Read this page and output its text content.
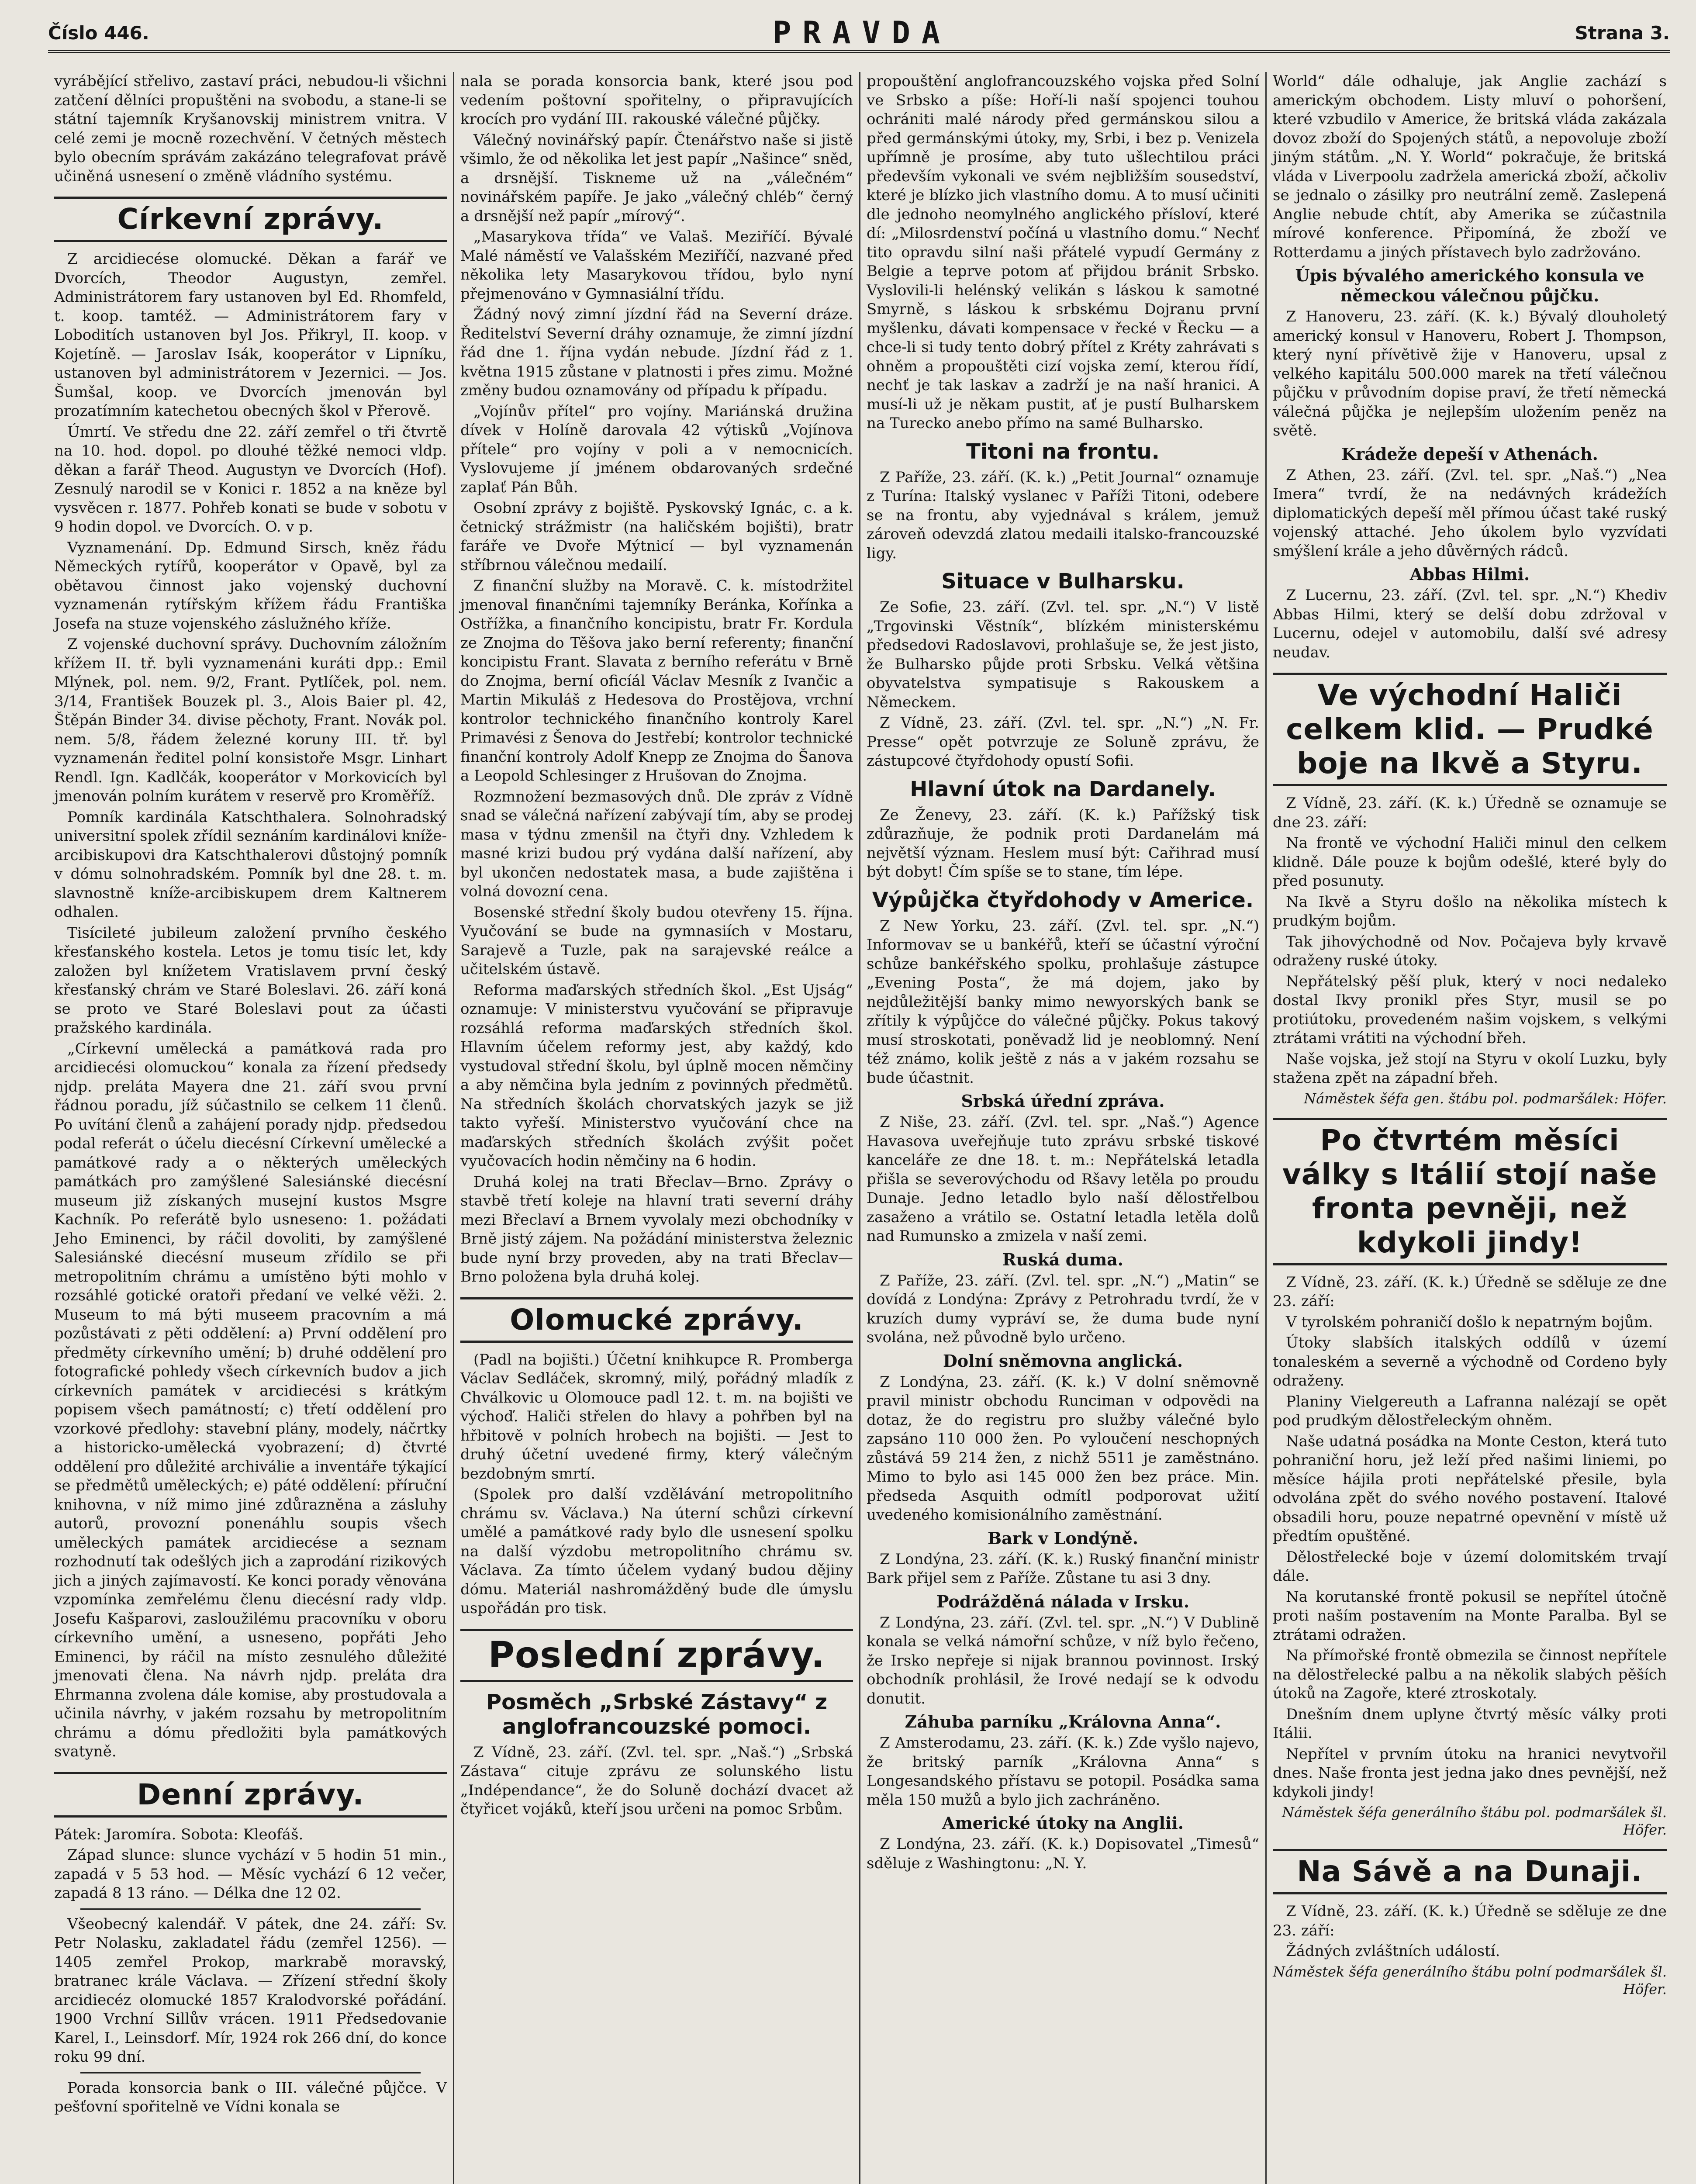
Číslo 446.	PRAVDA	Strana 3.

vyrábějící střelivo, zastaví práci, nebudou-li všichni zatčení dělníci propuštěni na svobodu, a stane-li se státní tajemník Kryšanovskij ministrem vnitra. V celé zemi je mocně rozechvění. V četných městech bylo obecním správám zakázáno telegrafovat právě učiněná usnesení o změně vládního systému.

Církevní zprávy.

Z arcidiecése olomucké. Děkan a farář ve Dvorcích, Theodor Augustyn, zemřel. Administrátorem fary ustanoven byl Ed. Rhomfeld, t. koop. tamtéž. — Administrátorem fary v Loboditích ustanoven byl Jos. Přikryl, II. koop. v Kojetíně. — Jaroslav Isák, kooperátor v Lipníku, ustanoven byl administrátorem v Jezernici. — Jos. Šumšal, koop. ve Dvorcích jmenován byl prozatímním katechetou obecných škol v Přerově.

Úmrtí. Ve středu dne 22. září zemřel o tři čtvrtě na 10. hod. dopol. po dlouhé těžké nemoci vldp. děkan a farář Theod. Augustyn ve Dvorcích (Hof). Zesnulý narodil se v Konici r. 1852 a na kněze byl vysvěcen r. 1877. Pohřeb konati se bude v sobotu v 9 hodin dopol. ve Dvorcích. O. v p.

Vyznamenání. Dp. Edmund Sirsch, kněz řádu Německých rytířů, kooperátor v Opavě, byl za obětavou činnost jako vojenský duchovní vyznamenán rytířským křížem řádu Františka Josefa na stuze vojenského záslužného kříže.

Z vojenské duchovní správy. Duchovním záložním křížem II. tř. byli vyznamenáni kuráti dpp.: Emil Mlýnek, pol. nem. 9/2, Frant. Pytlíček, pol. nem. 3/14, František Bouzek pl. 3., Alois Baier pl. 42, Štěpán Binder 34. divise pěchoty, Frant. Novák pol. nem. 5/8, řádem železné koruny III. tř. byl vyznamenán ředitel polní konsistoře Msgr. Linhart Rendl. Ign. Kadlčák, kooperátor v Morkovicích byl jmenován polním kurátem v reservě pro Kroměříž.

Pomník kardinála Katschthalera. Solnohradský universitní spolek zřídil seznáním kardinálovi kníže-arcibiskupovi dra Katschthalerovi důstojný pomník v dómu solnohradském. Pomník byl dne 28. t. m. slavnostně kníže-arcibiskupem drem Kaltnerem odhalen.

Tisícileté jubileum založení prvního českého křesťanského kostela. Letos je tomu tisíc let, kdy založen byl knížetem Vratislavem první český křesťanský chrám ve Staré Boleslavi. 26. září koná se proto ve Staré Boleslavi pout za účasti pražského kardinála.

„Církevní umělecká a památková rada pro arcidiecési olomuckou“ konala za řízení předsedy njdp. preláta Mayera dne 21. září svou první řádnou poradu, jíž súčastnilo se celkem 11 členů. Po uvítání členů a zahájení porady njdp. předsedou podal referát o účelu diecésní Církevní umělecké a památkové rady a o některých uměleckých památkách pro zamýšlené Salesiánské diecésní museum již získaných musejní kustos Msgre Kachník. Po referátě bylo usneseno: 1. požádati Jeho Eminenci, by ráčil dovoliti, by zamýšlené Salesiánské diecésní museum zřídilo se při metropolitním chrámu a umístěno býti mohlo v rozsáhlé gotické oratoři předaní ve velké věži. 2. Museum to má býti museem pracovním a má pozůstávati z pěti oddělení: a) První oddělení pro předměty církevního umění; b) druhé oddělení pro fotografické pohledy všech církevních budov a jich církevních památek v arcidiecési s krátkým popisem všech památností; c) třetí oddělení pro vzorkové předlohy: stavební plány, modely, náčrtky a historicko-umělecká vyobrazení; d) čtvrté oddělení pro důležité archiválie a inventáře týkající se předmětů uměleckých; e) páté oddělení: příruční knihovna, v níž mimo jiné zdůrazněna a zásluhy autorů, provozní ponenáhlu soupis všech uměleckých památek arcidiecése a seznam rozhodnutí tak odešlých jich a zaprodání rizikových jich a jiných zajímavostí. Ke konci porady věnována vzpomínka zemřelému členu diecésní rady vldp. Josefu Kašparovi, zasloužilému pracovníku v oboru církevního umění, a usneseno, popřáti Jeho Eminenci, by ráčil na místo zesnulého důležité jmenovati člena. Na návrh njdp. preláta dra Ehrmanna zvolena dále komise, aby prostudovala a učinila návrhy, v jakém rozsahu by metropolitním chrámu a dómu předložiti byla památkových svatyně.

Denní zprávy.

Pátek: Jaromíra. Sobota: Kleofáš.

Západ slunce: slunce vychází v 5 hodin 51 min., zapadá v 5 53 hod. — Měsíc vychází 6 12 večer, zapadá 8 13 ráno. — Délka dne 12 02.

Všeobecný kalendář. V pátek, dne 24. září: Sv. Petr Nolasku, zakladatel řádu (zemřel 1256). — 1405 zemřel Prokop, markrabě moravský, bratranec krále Václava. — Zřízení střední školy arcidiecéz olomucké 1857 Kralodvorské pořádání. 1900 Vrchní Sillův vrácen. 1911 Předsedovanie Karel, I., Leinsdorf. Mír, 1924 rok 266 dní, do konce roku 99 dní.

Porada konsorcia bank o III. válečné půjčce. V pešťovní spořitelně ve Vídni konala se

nala se porada konsorcia bank, které jsou pod vedením poštovní spořitelny, o připravujících krocích pro vydání III. rakouské válečné půjčky.

Válečný novinářský papír. Čtenářstvo naše si jistě všimlo, že od několika let jest papír „Našince“ sněd, a drsnější. Tiskneme už na „válečném“ novinářském papíře. Je jako „válečný chléb“ černý a drsnější než papír „mírový“.

„Masarykova třída“ ve Valaš. Meziříčí. Bývalé Malé náměstí ve Valašském Meziříčí, nazvané před několika lety Masarykovou třídou, bylo nyní přejmenováno v Gymnasiální třídu.

Žádný nový zimní jízdní řád na Severní dráze. Ředitelství Severní dráhy oznamuje, že zimní jízdní řád dne 1. října vydán nebude. Jízdní řád z 1. května 1915 zůstane v platnosti i přes zimu. Možné změny budou oznamovány od případu k případu.

„Vojínův přítel“ pro vojíny. Mariánská družina dívek v Holíně darovala 42 výtisků „Vojínova přítele“ pro vojíny v poli a v nemocnicích. Vyslovujeme jí jménem obdarovaných srdečné zaplať Pán Bůh.

Osobní zprávy z bojiště. Pyskovský Ignác, c. a k. četnický strážmistr (na haličském bojišti), bratr faráře ve Dvoře Mýtnicí — byl vyznamenán stříbrnou válečnou medailí.

Z finanční služby na Moravě. C. k. místodržitel jmenoval finančními tajemníky Beránka, Kořínka a Ostřížka, a finančního koncipistu, bratr Fr. Kordula ze Znojma do Těšova jako berní referenty; finanční koncipistu Frant. Slavata z berního referátu v Brně do Znojma, berní oficíál Václav Mesník z Ivančic a Martin Mikuláš z Hedesova do Prostějova, vrchní kontrolor technického finančního kontroly Karel Primavési z Šenova do Jestřebí; kontrolor technické finanční kontroly Adolf Knepp ze Znojma do Šanova a Leopold Schlesinger z Hrušovan do Znojma.

Rozmnožení bezmasových dnů. Dle zpráv z Vídně snad se válečná nařízení zabývají tím, aby se prodej masa v týdnu zmenšil na čtyři dny. Vzhledem k masné krizi budou prý vydána další nařízení, aby byl ukončen nedostatek masa, a bude zajištěna i volná dovozní cena.

Bosenské střední školy budou otevřeny 15. října. Vyučování se bude na gymnasiích v Mostaru, Sarajevě a Tuzle, pak na sarajevské reálce a učitelském ústavě.

Reforma maďarských středních škol. „Est Ujság“ oznamuje: V ministerstvu vyučování se připravuje rozsáhlá reforma maďarských středních škol. Hlavním účelem reformy jest, aby každý, kdo vystudoval střední školu, byl úplně mocen němčiny a aby němčina byla jedním z povinných předmětů. Na středních školách chorvatských jazyk se již takto vyřeší. Ministerstvo vyučování chce na maďarských středních školách zvýšit počet vyučovacích hodin němčiny na 6 hodin.

Druhá kolej na trati Břeclav—Brno. Zprávy o stavbě třetí koleje na hlavní trati severní dráhy mezi Břeclaví a Brnem vyvolaly mezi obchodníky v Brně jistý zájem. Na požádání ministerstva železnic bude nyní brzy proveden, aby na trati Břeclav—Brno položena byla druhá kolej.

Olomucké zprávy.

(Padl na bojišti.) Účetní knihkupce R. Promberga Václav Sedláček, skromný, milý, pořádný mladík z Chválkovic u Olomouce padl 12. t. m. na bojišti ve výchoď. Haliči střelen do hlavy a pohřben byl na hřbitově v polních hrobech na bojišti. — Jest to druhý účetní uvedené firmy, který válečným bezdobným smrtí.

(Spolek pro další vzdělávání metropolitního chrámu sv. Václava.) Na úterní schůzi církevní umělé a památkové rady bylo dle usnesení spolku na další výzdobu metropolitního chrámu sv. Václava. Za tímto účelem vydaný budou dějiny dómu. Materiál nashromážděný bude dle úmyslu uspořádán pro tisk.

Poslední zprávy.
Posměch „Srbské Zástavy“ z anglofrancouzské pomoci.

Z Vídně, 23. září. (Zvl. tel. spr. „Naš.“) „Srbská Zástava“ cituje zprávu ze solunského listu „Indépendance“, že do Soluně dochází dvacet až čtyřicet vojáků, kteří jsou určeni na pomoc Srbům.

propouštění anglofrancouzského vojska před Solní ve Srbsko a píše: Hoří-li naší spojenci touhou ochrániti malé národy před germánskou silou a před germánskými útoky, my, Srbi, i bez p. Venizela upřímně je prosíme, aby tuto ušlechtilou práci především vykonali ve svém nejbližším sousedství, které je blízko jich vlastního domu. A to musí učiniti dle jednoho neomylného anglického přísloví, které dí: „Milosrdenství počíná u vlastního domu.“ Nechť tito opravdu silní naši přátelé vypudí Germány z Belgie a teprve potom ať přijdou bránit Srbsko. Vyslovili-li helénský velikán s láskou k samotné Smyrně, s láskou k srbskému Dojranu první myšlenku, dávati kompensace v řecké v Řecku — a chce-li si tudy tento dobrý přítel z Kréty zahrávati s ohněm a propouštěti cizí vojska zemí, kterou řídí, nechť je tak laskav a zadrží je na naší hranici. A musí-li už je někam pustit, ať je pustí Bulharskem na Turecko anebo přímo na samé Bulharsko.

Titoni na frontu.

Z Paříže, 23. září. (K. k.) „Petit Journal“ oznamuje z Turína: Italský vyslanec v Paříži Titoni, odebere se na frontu, aby vyjednával s králem, jemuž zároveň odevzdá zlatou medaili italsko-francouzské ligy.

Situace v Bulharsku.

Ze Sofie, 23. září. (Zvl. tel. spr. „N.“) V listě „Trgovinski Věstník“, blízkém ministerskému předsedovi Radoslavovi, prohlašuje se, že jest jisto, že Bulharsko půjde proti Srbsku. Velká většina obyvatelstva sympatisuje s Rakouskem a Německem.

Z Vídně, 23. září. (Zvl. tel. spr. „N.“) „N. Fr. Presse“ opět potvrzuje ze Soluně zprávu, že zástupcové čtyřdohody opustí Sofii.

Hlavní útok na Dardanely.

Ze Ženevy, 23. září. (K. k.) Pařížský tisk zdůrazňuje, že podnik proti Dardanelám má největší význam. Heslem musí být: Cařihrad musí být dobyt! Čím spíše se to stane, tím lépe.

Výpůjčka čtyřdohody v Americe.

Z New Yorku, 23. září. (Zvl. tel. spr. „N.“) Informovav se u bankéřů, kteří se účastní výroční schůze bankéřského spolku, prohlašuje zástupce „Evening Posta“, že má dojem, jako by nejdůležitější banky mimo newyorských bank se zřítily k výpůjčce do válečné půjčky. Pokus takový musí stroskotati, poněvadž lid je neoblomný. Není též známo, kolik ještě z nás a v jakém rozsahu se bude účastnit.

Srbská úřední zpráva.

Z Niše, 23. září. (Zvl. tel. spr. „Naš.“) Agence Havasova uveřejňuje tuto zprávu srbské tiskové kanceláře ze dne 18. t. m.: Nepřátelská letadla přišla se severovýchodu od Ršavy letěla po proudu Dunaje. Jedno letadlo bylo naší dělostřelbou zasaženo a vrátilo se. Ostatní letadla letěla dolů nad Rumunsko a zmizela v naší zemi.

Ruská duma.

Z Paříže, 23. září. (Zvl. tel. spr. „N.“) „Matin“ se dovídá z Londýna: Zprávy z Petrohradu tvrdí, že v kruzích dumy vypráví se, že duma bude nyní svolána, než původně bylo určeno.

Dolní sněmovna anglická.

Z Londýna, 23. září. (K. k.) V dolní sněmovně pravil ministr obchodu Runciman v odpovědi na dotaz, že do registru pro služby válečné bylo zapsáno 110 000 žen. Po vyloučení neschopných zůstává 59 214 žen, z nichž 5511 je zaměstnáno. Mimo to bylo asi 145 000 žen bez práce. Min. předseda Asquith odmítl podporovat užití uvedeného komisionálního zaměstnání.

Bark v Londýně.

Z Londýna, 23. září. (K. k.) Ruský finanční ministr Bark přijel sem z Paříže. Zůstane tu asi 3 dny.

Podrážděná nálada v Irsku.

Z Londýna, 23. září. (Zvl. tel. spr. „N.“) V Dublině konala se velká námořní schůze, v níž bylo řečeno, že Irsko nepřeje si nijak brannou povinnost. Irský obchodník prohlásil, že Irové nedají se k odvodu donutit.

Záhuba parníku „Královna Anna“.

Z Amsterodamu, 23. září. (K. k.) Zde vyšlo najevo, že britský parník „Královna Anna“ s Longesandského přístavu se potopil. Posádka sama měla 150 mužů a bylo jich zachráněno.

Americké útoky na Anglii.

Z Londýna, 23. září. (K. k.) Dopisovatel „Timesů“ sděluje z Washingtonu: „N. Y.

World“ dále odhaluje, jak Anglie zachází s americkým obchodem. Listy mluví o pohoršení, které vzbudilo v Americe, že britská vláda zakázala dovoz zboží do Spojených států, a nepovoluje zboží jiným státům. „N. Y. World“ pokračuje, že britská vláda v Liverpoolu zadržela americká zboží, ačkoliv se jednalo o zásilky pro neutrální země. Zaslepená Anglie nebude chtít, aby Amerika se zúčastnila mírové konference. Připomíná, že zboží ve Rotterdamu a jiných přístavech bylo zadržováno.

Úpis bývalého amerického konsula ve německou válečnou půjčku.

Z Hanoveru, 23. září. (K. k.) Bývalý dlouholetý americký konsul v Hanoveru, Robert J. Thompson, který nyní přívětivě žije v Hanoveru, upsal z velkého kapitálu 500.000 marek na třetí válečnou půjčku v průvodním dopise praví, že třetí německá válečná půjčka je nejlepším uložením peněz na světě.

Krádeže depeší v Athenách.

Z Athen, 23. září. (Zvl. tel. spr. „Naš.“) „Nea Imera“ tvrdí, že na nedávných krádežích diplomatických depeší měl přímou účast také ruský vojenský attaché. Jeho úkolem bylo vyzvídati smýšlení krále a jeho důvěrných rádců.

Abbas Hilmi.

Z Lucernu, 23. září. (Zvl. tel. spr. „N.“) Khediv Abbas Hilmi, který se delší dobu zdržoval v Lucernu, odejel v automobilu, další své adresy neudav.

Ve východní Haliči celkem klid. — Prudké boje na Ikvě a Styru.

Z Vídně, 23. září. (K. k.) Úředně se oznamuje se dne 23. září:

Na frontě ve východní Haliči minul den celkem klidně. Dále pouze k bojům odešlé, které byly do před posunuty.

Na Ikvě a Styru došlo na několika místech k prudkým bojům.

Tak jihovýchodně od Nov. Počajeva byly krvavě odraženy ruské útoky.

Nepřátelský pěší pluk, který v noci nedaleko dostal Ikvy pronikl přes Styr, musil se po protiútoku, provedeném našim vojskem, s velkými ztrátami vrátiti na východní břeh.

Naše vojska, jež stojí na Styru v okolí Luzku, byly stažena zpět na západní břeh.

Náměstek šéfa gen. štábu pol. podmaršálek: Höfer.

Po čtvrtém měsíci války s Itálií stojí naše fronta pevněji, než kdykoli jindy!

Z Vídně, 23. září. (K. k.) Úředně se sděluje ze dne 23. září:

V tyrolském pohraničí došlo k nepatrným bojům.

Útoky slabších italských oddílů v území tonaleském a severně a východně od Cordeno byly odraženy.

Planiny Vielgereuth a Lafranna nalézají se opět pod prudkým dělostřeleckým ohněm.

Naše udatná posádka na Monte Ceston, která tuto pohraniční horu, jež leží před našimi liniemi, po měsíce hájila proti nepřátelské přesile, byla odvolána zpět do svého nového postavení. Italové obsadili horu, pouze nepatrné opevnění v místě už předtím opuštěné.

Dělostřelecké boje v území dolomitském trvají dále.

Na korutanské frontě pokusil se nepřítel útočně proti naším postavením na Monte Paralba. Byl se ztrátami odražen.

Na přímořské frontě obmezila se činnost nepřítele na dělostřelecké palbu a na několik slabých pěších útoků na Zagoře, které ztroskotaly.

Dnešním dnem uplyne čtvrtý měsíc války proti Itálii.

Nepřítel v prvním útoku na hranici nevytvořil dnes. Naše fronta jest jedna jako dnes pevnější, než kdykoli jindy!

Náměstek šéfa generálního štábu pol. podmaršálek šl. Höfer.

Na Sávě a na Dunaji.

Z Vídně, 23. září. (K. k.) Úředně se sděluje ze dne 23. září:

Žádných zvláštních událostí.

Náměstek šéfa generálního štábu polní podmaršálek šl. Höfer.
